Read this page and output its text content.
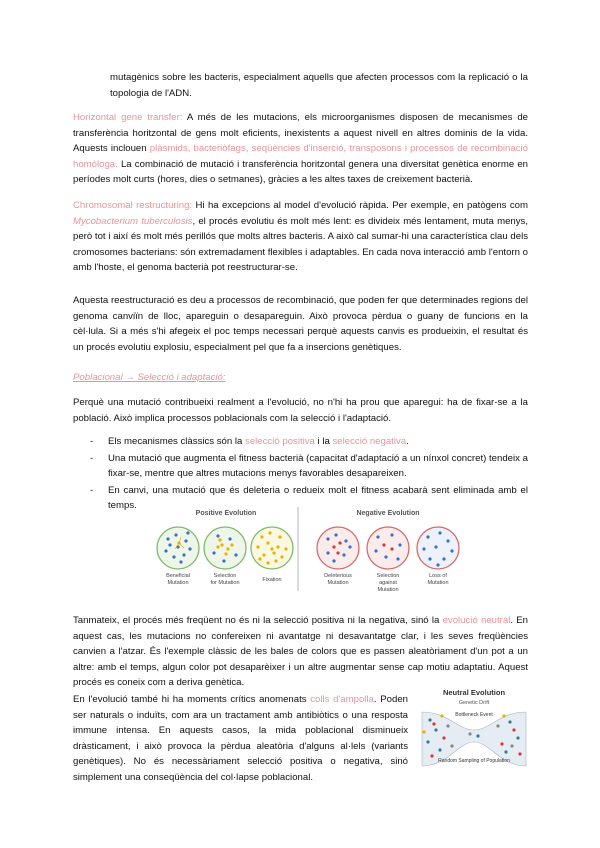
mutagènics sobre les bacteris, especialment aquells que afecten processos com la replicació o la topologia de l'ADN.

Horizontal gene transfer: A més de les mutacions, els microorganismes disposen de mecanismes de transferència horitzontal de gens molt eficients, inexistents a aquest nivell en altres dominis de la vida. Aquests inclouen plàsmids, bacteriòfags, seqüències d'inserció, transposons i processos de recombinació homòloga. La combinació de mutació i transferència horitzontal genera una diversitat genètica enorme en períodes molt curts (hores, dies o setmanes), gràcies a les altes taxes de creixement bacterià.

Chromosomal restructuring: Hi ha excepcions al model d'evolució ràpida. Per exemple, en patògens com Mycobacterium tuberculosis, el procés evolutiu és molt més lent: es divideix més lentament, muta menys, però tot i així és molt més perillós que molts altres bacteris. A això cal sumar-hi una característica clau dels cromosomes bacterians: són extremadament flexibles i adaptables. En cada nova interacció amb l'entorn o amb l'hoste, el genoma bacterià pot reestructurar-se.

Aquesta reestructuració es deu a processos de recombinació, que poden fer que determinades regions del genoma canviïn de lloc, apareguin o desapareguin. Això provoca pèrdua o guany de funcions en la cèl·lula. Si a més s'hi afegeix el poc temps necessari perquè aquests canvis es produeixin, el resultat és un procés evolutiu explosiu, especialment pel que fa a insercions genètiques.

Poblacional → Selecció i adaptació:

Perquè una mutació contribueixi realment a l'evolució, no n'hi ha prou que aparegui: ha de fixar-se a la població. Això implica processos poblacionals com la selecció i l'adaptació.

- Els mecanismes clàssics són la selecció positiva i la selecció negativa.
- Una mutació que augmenta el fitness bacterià (capacitat d'adaptació a un nínxol concret) tendeix a fixar-se, mentre que altres mutacions menys favorables desapareixen.
- En canvi, una mutació que és deleteria o redueix molt el fitness acabarà sent eliminada amb el temps.
Positive Evolution	Negative Evolution
Beneficial
Mutation
Selection
for Mutation	Fixation
Deleterious
Mutation
Selection
against
Mutation
Loss of
Mutation

Tanmateix, el procés més freqüent no és ni la selecció positiva ni la negativa, sinó la evolució neutral. En aquest cas, les mutacions no confereixen ni avantatge ni desavantatge clar, i les seves freqüències canvien a l'atzar. És l'exemple clàssic de les bales de colors que es passen aleatòriament d'un pot a un altre: amb el temps, algun color pot desaparèixer i un altre augmentar sense cap motiu adaptatiu. Aquest procés es coneix com a deriva genètica.

En l'evolució també hi ha moments crítics anomenats colls d'ampolla. Poden ser naturals o induïts, com ara un tractament amb antibiòtics o una resposta immune intensa. En aquests casos, la mida poblacional disminueix dràsticament, i això provoca la pèrdua aleatòria d'alguns al·lels (variants genètiques). No és necessàriament selecció positiva o negativa, sinó simplement una conseqüència del col·lapse poblacional.

Neutral Evolution
Genetic Drift
Bottleneck Event
Random Sampling of Population
